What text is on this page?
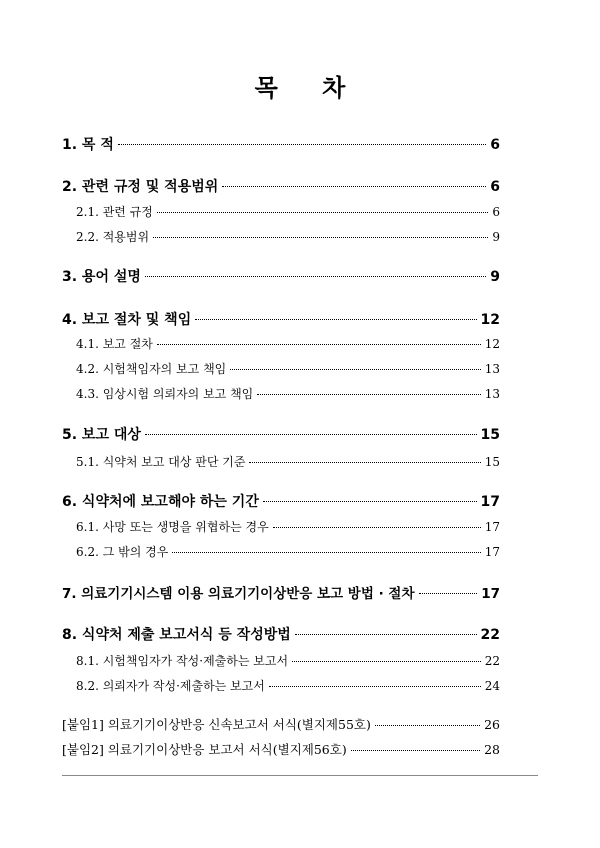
목 차
1. 목 적	6
2. 관련 규정 및 적용범위	6
2.1. 관련 규정	6
2.2. 적용범위	9
3. 용어 설명	9
4. 보고 절차 및 책임	12
4.1. 보고 절차	12
4.2. 시험책임자의 보고 책임	13
4.3. 임상시험 의뢰자의 보고 책임	13
5. 보고 대상	15
5.1. 식약처 보고 대상 판단 기준	15
6. 식약처에 보고해야 하는 기간	17
6.1. 사망 또는 생명을 위협하는 경우	17
6.2. 그 밖의 경우	17
7. 의료기기시스템 이용 의료기기이상반응 보고 방법 · 절차	17
8. 식약처 제출 보고서식 등 작성방법	22
8.1. 시험책임자가 작성·제출하는 보고서	22
8.2. 의뢰자가 작성·제출하는 보고서	24
[붙임1] 의료기기이상반응 신속보고서 서식(별지제55호)	26
[붙임2] 의료기기이상반응 보고서 서식(별지제56호)	28
